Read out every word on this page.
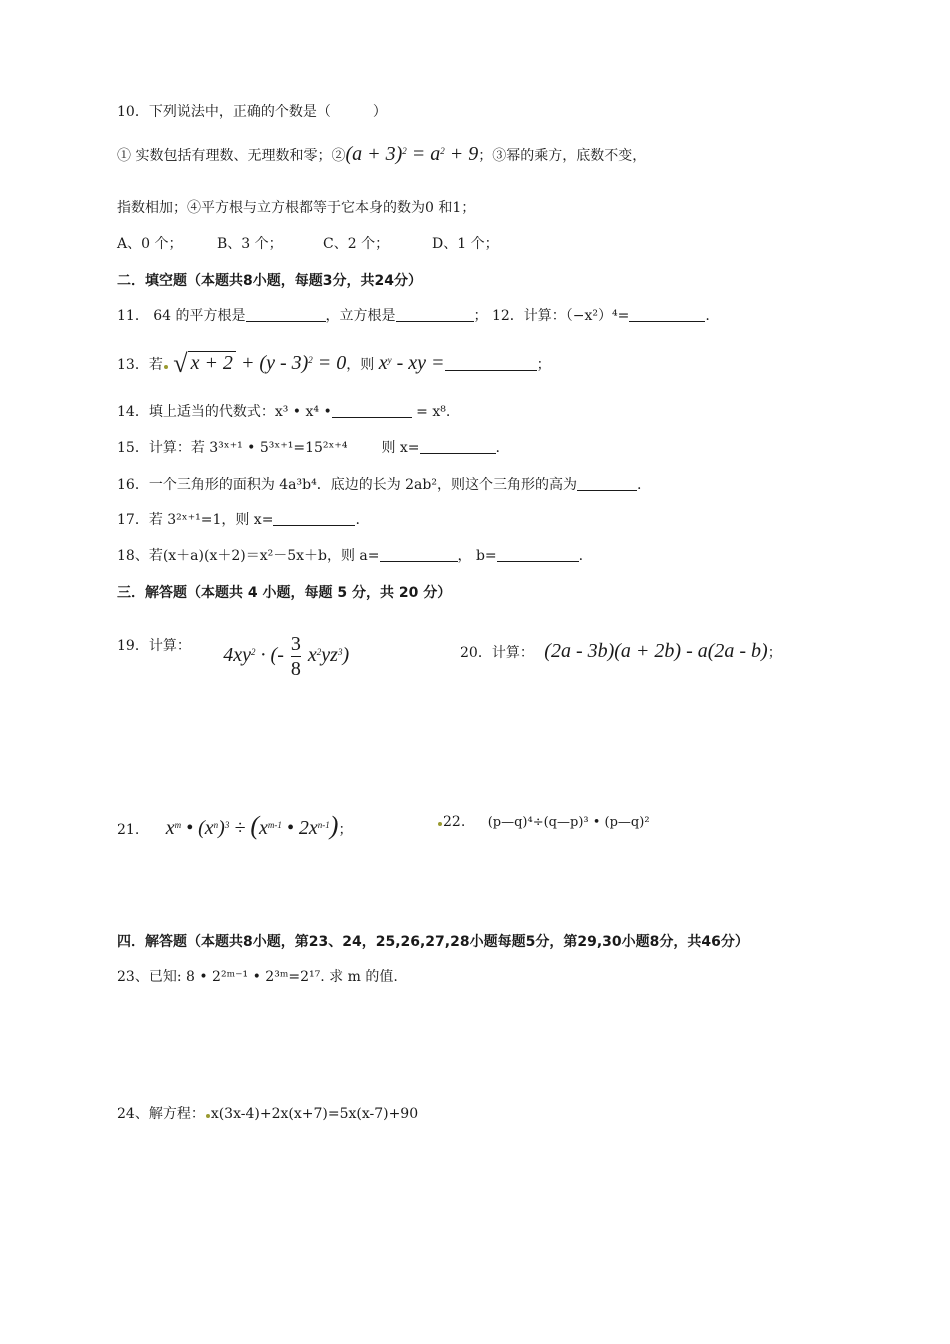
10．下列说法中，正确的个数是（　　　）
① 实数包括有理数、无理数和零；②(a + $3)^2 = a^2 + 9$；③幂的乘方，底数不变，
指数相加；④平方根与立方根都等于它本身的数为0 和1；
A、0 个； B、3 个；	C、2 个；	D、1 个；
二．填空题（本题共8小题，每题3分，共24分）
11． 64 的平方根是	，立方根是	； 12．计算：（−x²）⁴=	.
13．若 √ x + 2 + (y - 3)$^2$ = 0，则 $x^y$ - xy =	；
14．填上适当的代数式：x³ • x⁴ •	= x⁸.
15．计算：若 3³ˣ⁺¹ • 5³ˣ⁺¹=15²ˣ⁺⁴ 则 x=	.
16．一个三角形的面积为 4a³b⁴．底边的长为 2ab²，则这个三角形的高为	.
17．若 3²ˣ⁺¹=1，则 x=	.
18、若(x＋a)(x＋2)＝x²－5x＋b，则 a=	， b=	.
三．解答题（本题共 4 小题，每题 5 分，共 20 分）
19．计算： $4xy^2$ · (- $\frac{3}{8} x^2yz^3$)	20．计算： (2a - 3b)(a + 2b) - a(2a - b)；
21. $x^m$ • $(x^n)^3 \div (x^{m-1}$ • $2x^{n-1}$)；	22. (p—q)⁴÷(q—p)³ • (p—q)²
四．解答题（本题共8小题，第23、24，25,26,27,28小题每题5分，第29,30小题8分，共46分）
23、已知: 8 • 2²ᵐ⁻¹ • 2³ᵐ=2¹⁷. 求 m 的值.
24、解方程： x(3x-4)+2x(x+7)=5x(x-7)+90
